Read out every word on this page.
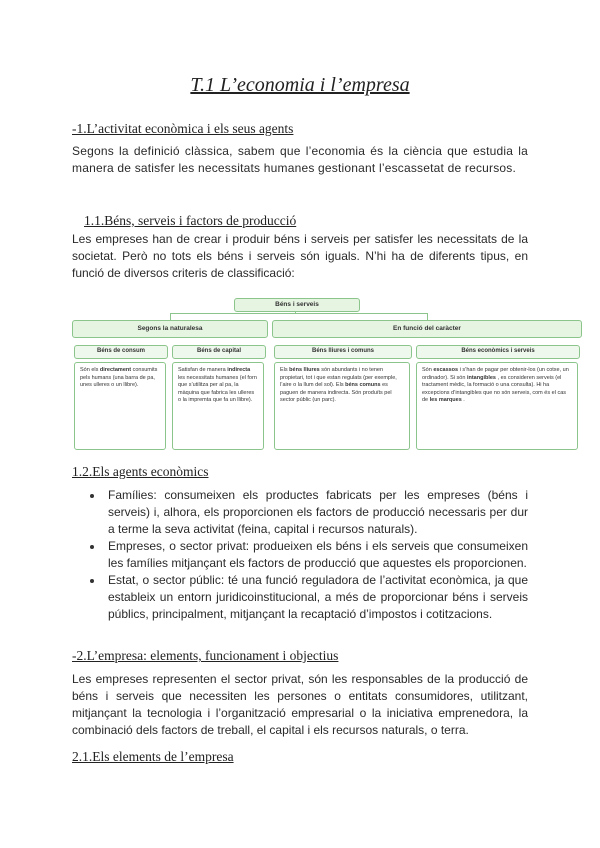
T.1 L’economia i l’empresa
-1.L’activitat econòmica i els seus agents
Segons la definició clàssica, sabem que l’economia és la ciència que estudia la manera de satisfer les necessitats humanes gestionant l’escassetat de recursos.
1.1.Béns, serveis i factors de producció
Les empreses han de crear i produir béns i serveis per satisfer les necessitats de la societat. Però no tots els béns i serveis són iguals. N’hi ha de diferents tipus, en funció de diversos criteris de classificació:
Béns i serveis
Segons la naturalesa	En funció del caràcter
Béns de consum
Són els directament consumits pels humans (una barra de pa, unes ulleres o un llibre).
Béns de capital
Satisfan de manera indirecta les necessitats humanes (el forn que s’utilitza per al pa, la màquina que fabrica les ulleres o la impremta que fa un llibre).
Béns lliures i comuns
Els béns lliures són abundants i no tenen propietari, tot i que estan regulats (per exemple, l’aire o la llum del sol). Els béns comuns es paguen de manera indirecta. Són produïts pel sector públic (un parc).
Béns econòmics i serveis
Són escassos i s’han de pagar per obtenir-los (un cotxe, un ordinador). Si són intangibles , es consideren serveis (el tractament mèdic, la formació o una consulta). Hi ha excepcions d’intangibles que no són serveis, com és el cas de les marques .
1.2.Els agents econòmics
Famílies: consumeixen els productes fabricats per les empreses (béns i serveis) i, alhora, els proporcionen els factors de producció necessaris per dur a terme la seva activitat (feina, capital i recursos naturals).
Empreses, o sector privat: produeixen els béns i els serveis que consumeixen les famílies mitjançant els factors de producció que aquestes els proporcionen.
Estat, o sector públic: té una funció reguladora de l’activitat econòmica, ja que estableix un entorn juridicoinstitucional, a més de proporcionar béns i serveis públics, principalment, mitjançant la recaptació d’impostos i cotitzacions.
-2.L’empresa: elements, funcionament i objectius
Les empreses representen el sector privat, són les responsables de la producció de béns i serveis que necessiten les persones o entitats consumidores, utilitzant, mitjançant la tecnologia i l’organització empresarial o la iniciativa emprenedora, la combinació dels factors de treball, el capital i els recursos naturals, o terra.
2.1.Els elements de l’empresa
